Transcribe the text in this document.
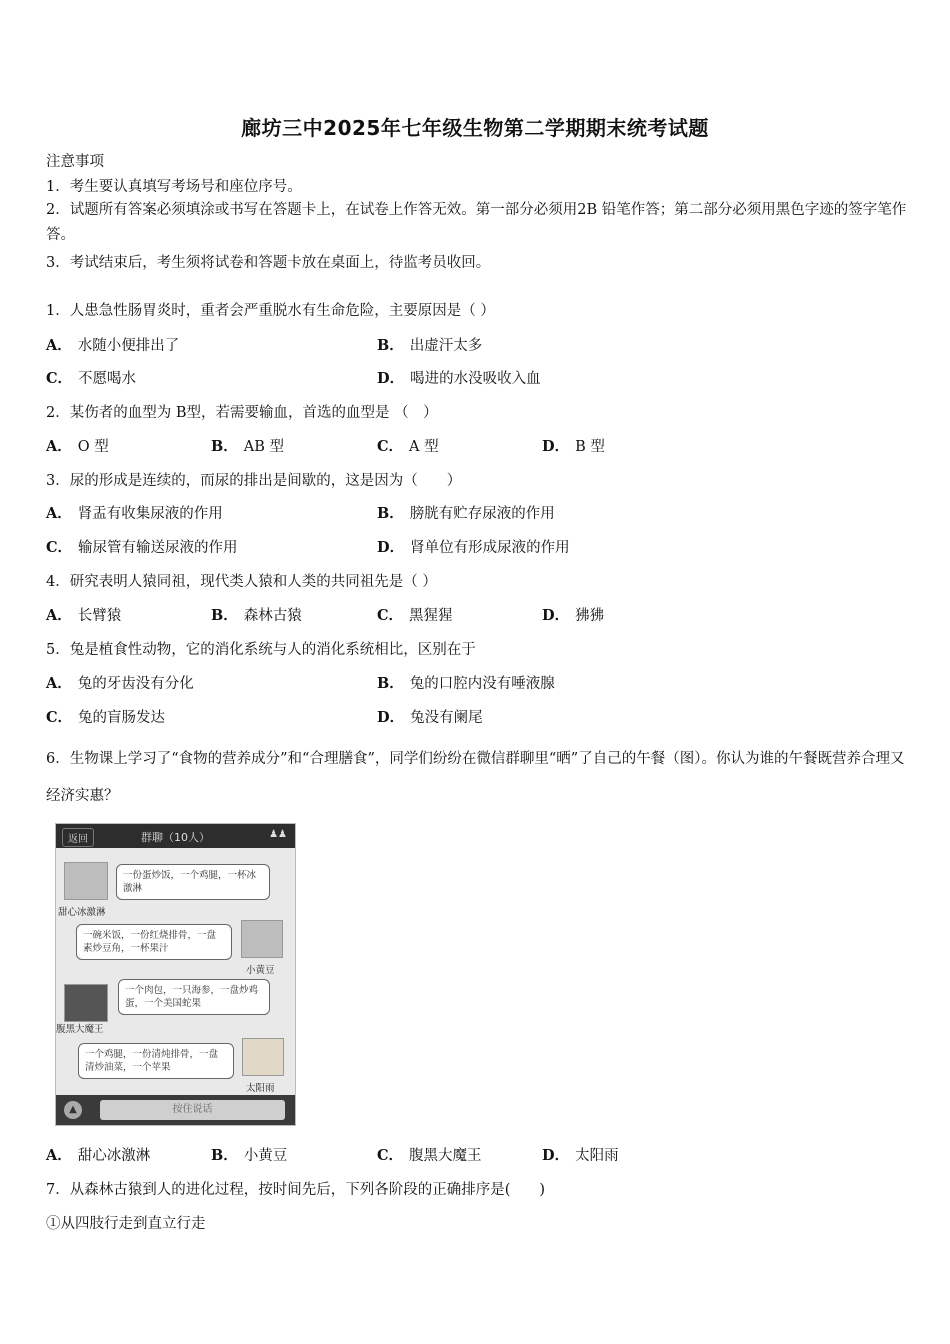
廊坊三中2025年七年级生物第二学期期末统考试题
注意事项
1．考生要认真填写考场号和座位序号。
2．试题所有答案必须填涂或书写在答题卡上，在试卷上作答无效。第一部分必须用2B 铅笔作答；第二部分必须用黑色字迹的签字笔作答。
3．考试结束后，考生须将试卷和答题卡放在桌面上，待监考员收回。
1．人患急性肠胃炎时，重者会严重脱水有生命危险，主要原因是（ ）
A． 水随小便排出了	B． 出虚汗太多
C． 不愿喝水	D． 喝进的水没吸收入血
2．某伤者的血型为 B型，若需要输血，首选的血型是 （　）
A． O 型	B． AB 型	C． A 型	D． B 型
3．尿的形成是连续的，而尿的排出是间歇的，这是因为（　　）
A． 肾盂有收集尿液的作用	B． 膀胱有贮存尿液的作用
C． 输尿管有输送尿液的作用	D． 肾单位有形成尿液的作用
4．研究表明人猿同祖，现代类人猿和人类的共同祖先是（ ）
A． 长臂猿	B． 森林古猿	C． 黑猩猩	D． 狒狒
5．兔是植食性动物，它的消化系统与人的消化系统相比，区别在于
A． 兔的牙齿没有分化	B． 兔的口腔内没有唾液腺
C． 兔的盲肠发达	D． 兔没有阑尾
6．生物课上学习了“食物的营养成分”和“合理膳食”，同学们纷纷在微信群聊里“晒”了自己的午餐（图）。你认为谁的午餐既营养合理又经济实惠？
返回	群聊（10人）	♟♟
甜心冰激淋
一份蛋炒饭，一个鸡腿，一杯冰激淋
一碗米饭，一份红烧排骨，一盘素炒豆角，一杯果汁
小黄豆
腹黑大魔王
一个肉包，一只海参，一盘炒鸡蛋，一个美国蛇果
一个鸡腿，一份清炖排骨，一盘清炒油菜，一个苹果
太阳雨
▲	按住说话
A． 甜心冰激淋	B． 小黄豆	C． 腹黑大魔王	D． 太阳雨
7．从森林古猿到人的进化过程，按时间先后，下列各阶段的正确排序是(　　)
①从四肢行走到直立行走
